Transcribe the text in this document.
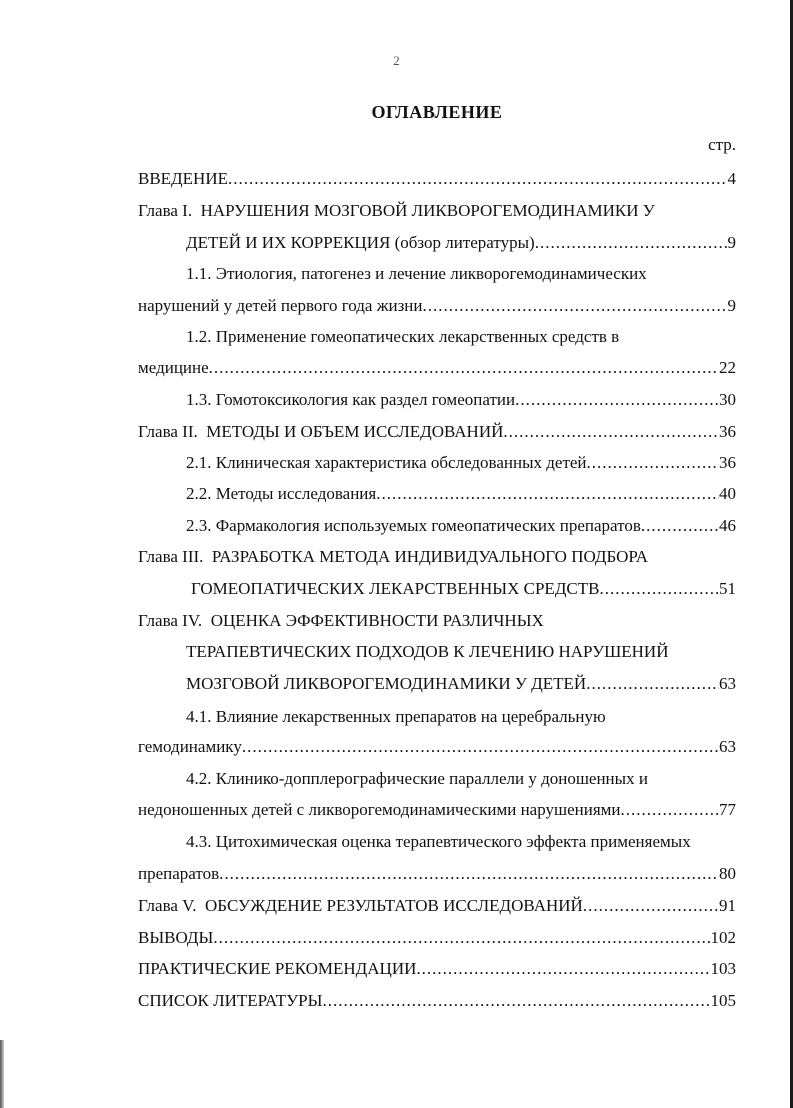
2
ОГЛАВЛЕНИЕ
стр.
ВВЕДЕНИЕ .....	4
Глава I. НАРУШЕНИЯ МОЗГОВОЙ ЛИКВОРОГЕМОДИНАМИКИ У
ДЕТЕЙ И ИХ КОРРЕКЦИЯ (обзор литературы) .....	9
1.1. Этиология, патогенез и лечение ликворогемодинамических
нарушений у детей первого года жизни .....	9
1.2. Применение гомеопатических лекарственных средств в
медицине .....	22
1.3. Гомотоксикология как раздел гомеопатии .....	30
Глава II. МЕТОДЫ И ОБЪЕМ ИССЛЕДОВАНИЙ .....	36
2.1. Клиническая характеристика обследованных детей .....	36
2.2. Методы исследования .....	40
2.3. Фармакология используемых гомеопатических препаратов .....	46
Глава III. РАЗРАБОТКА МЕТОДА ИНДИВИДУАЛЬНОГО ПОДБОРА
ГОМЕОПАТИЧЕСКИХ ЛЕКАРСТВЕННЫХ СРЕДСТВ .....	51
Глава IV. ОЦЕНКА ЭФФЕКТИВНОСТИ РАЗЛИЧНЫХ
ТЕРАПЕВТИЧЕСКИХ ПОДХОДОВ К ЛЕЧЕНИЮ НАРУШЕНИЙ
МОЗГОВОЙ ЛИКВОРОГЕМОДИНАМИКИ У ДЕТЕЙ .....	63
4.1. Влияние лекарственных препаратов на церебральную
гемодинамику .....	63
4.2. Клинико-допплерографические параллели у доношенных и
недоношенных детей с ликворогемодинамическими нарушениями .....	77
4.3. Цитохимическая оценка терапевтического эффекта применяемых
препаратов .....	80
Глава V. ОБСУЖДЕНИЕ РЕЗУЛЬТАТОВ ИССЛЕДОВАНИЙ .....	91
ВЫВОДЫ .....	102
ПРАКТИЧЕСКИЕ РЕКОМЕНДАЦИИ .....	103
СПИСОК ЛИТЕРАТУРЫ .....	105
